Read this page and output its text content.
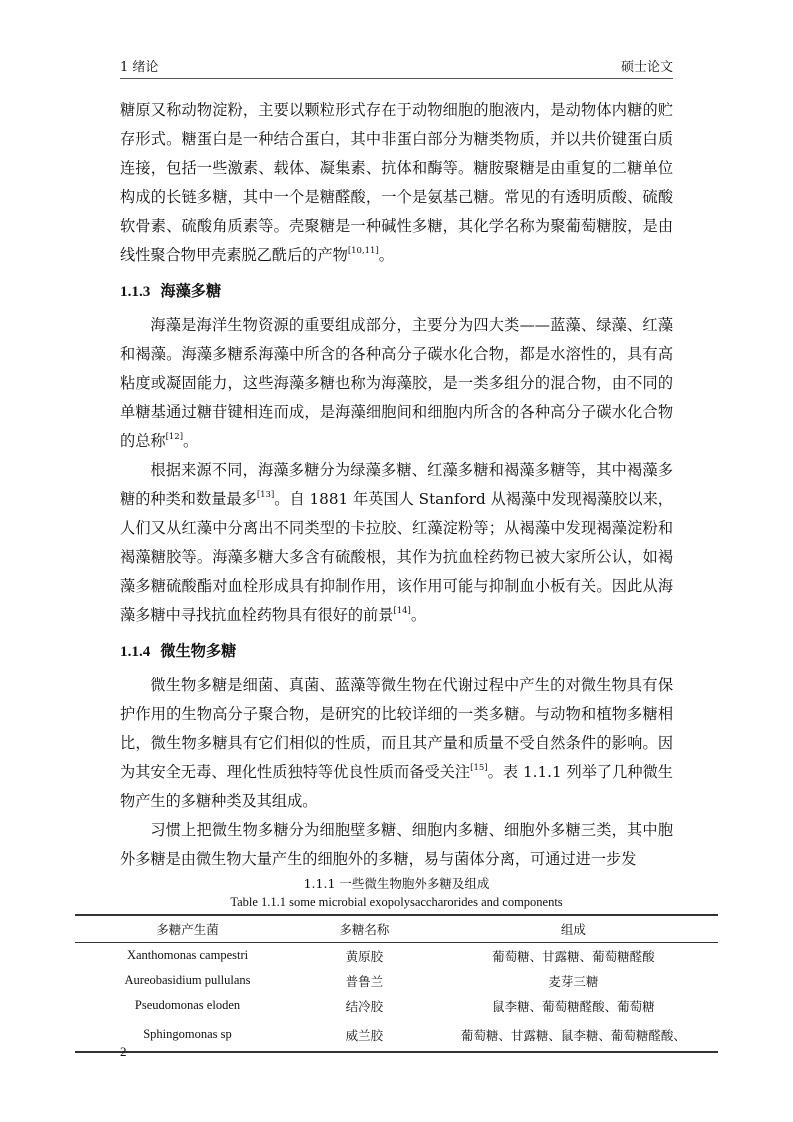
1 绪论	硕士论文

糖原又称动物淀粉，主要以颗粒形式存在于动物细胞的胞液内，是动物体内糖的贮存形式。糖蛋白是一种结合蛋白，其中非蛋白部分为糖类物质，并以共价键蛋白质连接，包括一些激素、载体、凝集素、抗体和酶等。糖胺聚糖是由重复的二糖单位构成的长链多糖，其中一个是糖醛酸，一个是氨基己糖。常见的有透明质酸、硫酸软骨素、硫酸角质素等。壳聚糖是一种碱性多糖，其化学名称为聚葡萄糖胺，是由线性聚合物甲壳素脱乙酰后的产物[10,11]。

1.1.3 海藻多糖

海藻是海洋生物资源的重要组成部分，主要分为四大类——蓝藻、绿藻、红藻和褐藻。海藻多糖系海藻中所含的各种高分子碳水化合物，都是水溶性的，具有高粘度或凝固能力，这些海藻多糖也称为海藻胶，是一类多组分的混合物，由不同的单糖基通过糖苷键相连而成，是海藻细胞间和细胞内所含的各种高分子碳水化合物的总称[12]。

根据来源不同，海藻多糖分为绿藻多糖、红藻多糖和褐藻多糖等，其中褐藻多糖的种类和数量最多[13]。自 1881 年英国人 Stanford 从褐藻中发现褐藻胶以来，人们又从红藻中分离出不同类型的卡拉胶、红藻淀粉等；从褐藻中发现褐藻淀粉和褐藻糖胶等。海藻多糖大多含有硫酸根，其作为抗血栓药物已被大家所公认，如褐藻多糖硫酸酯对血栓形成具有抑制作用，该作用可能与抑制血小板有关。因此从海藻多糖中寻找抗血栓药物具有很好的前景[14]。

1.1.4 微生物多糖

微生物多糖是细菌、真菌、蓝藻等微生物在代谢过程中产生的对微生物具有保护作用的生物高分子聚合物，是研究的比较详细的一类多糖。与动物和植物多糖相比，微生物多糖具有它们相似的性质，而且其产量和质量不受自然条件的影响。因为其安全无毒、理化性质独特等优良性质而备受关注[15]。表 1.1.1 列举了几种微生物产生的多糖种类及其组成。

习惯上把微生物多糖分为细胞壁多糖、细胞内多糖、细胞外多糖三类，其中胞外多糖是由微生物大量产生的细胞外的多糖，易与菌体分离，可通过进一步发

1.1.1 一些微生物胞外多糖及组成
Table 1.1.1 some microbial exopolysaccharorides and components
多糖产生菌	多糖名称	组成
Xanthomonas campestri	黄原胶	葡萄糖、甘露糖、葡萄糖醛酸
Aureobasidium pullulans	普鲁兰	麦芽三糖
Pseudomonas eloden	结冷胶	鼠李糖、葡萄糖醛酸、葡萄糖
Sphingomonas sp	威兰胶	葡萄糖、甘露糖、鼠李糖、葡萄糖醛酸、
2
